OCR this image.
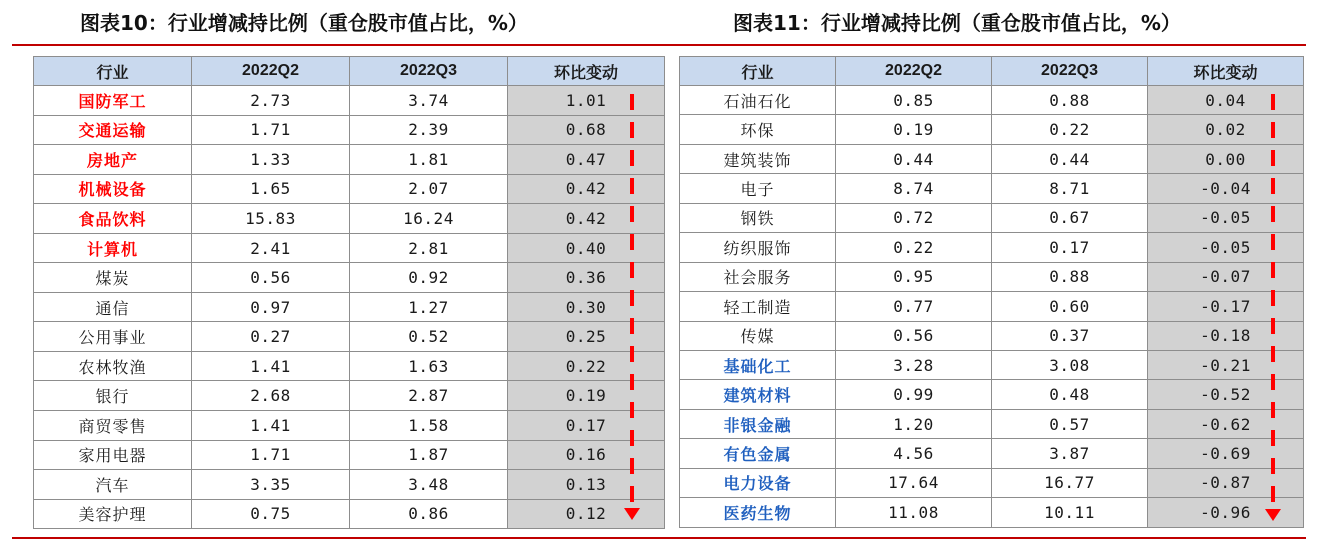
图表10：行业增减持比例（重仓股市值占比，%）	图表11：行业增减持比例（重仓股市值占比，%）
行业	2022Q2	2022Q3	环比变动
国防军工	2.73	3.74	1.01
交通运输	1.71	2.39	0.68
房地产	1.33	1.81	0.47
机械设备	1.65	2.07	0.42
食品饮料	15.83	16.24	0.42
计算机	2.41	2.81	0.40
煤炭	0.56	0.92	0.36
通信	0.97	1.27	0.30
公用事业	0.27	0.52	0.25
农林牧渔	1.41	1.63	0.22
银行	2.68	2.87	0.19
商贸零售	1.41	1.58	0.17
家用电器	1.71	1.87	0.16
汽车	3.35	3.48	0.13
美容护理	0.75	0.86	0.12
行业	2022Q2	2022Q3	环比变动
石油石化	0.85	0.88	0.04
环保	0.19	0.22	0.02
建筑装饰	0.44	0.44	0.00
电子	8.74	8.71	-0.04
钢铁	0.72	0.67	-0.05
纺织服饰	0.22	0.17	-0.05
社会服务	0.95	0.88	-0.07
轻工制造	0.77	0.60	-0.17
传媒	0.56	0.37	-0.18
基础化工	3.28	3.08	-0.21
建筑材料	0.99	0.48	-0.52
非银金融	1.20	0.57	-0.62
有色金属	4.56	3.87	-0.69
电力设备	17.64	16.77	-0.87
医药生物	11.08	10.11	-0.96
